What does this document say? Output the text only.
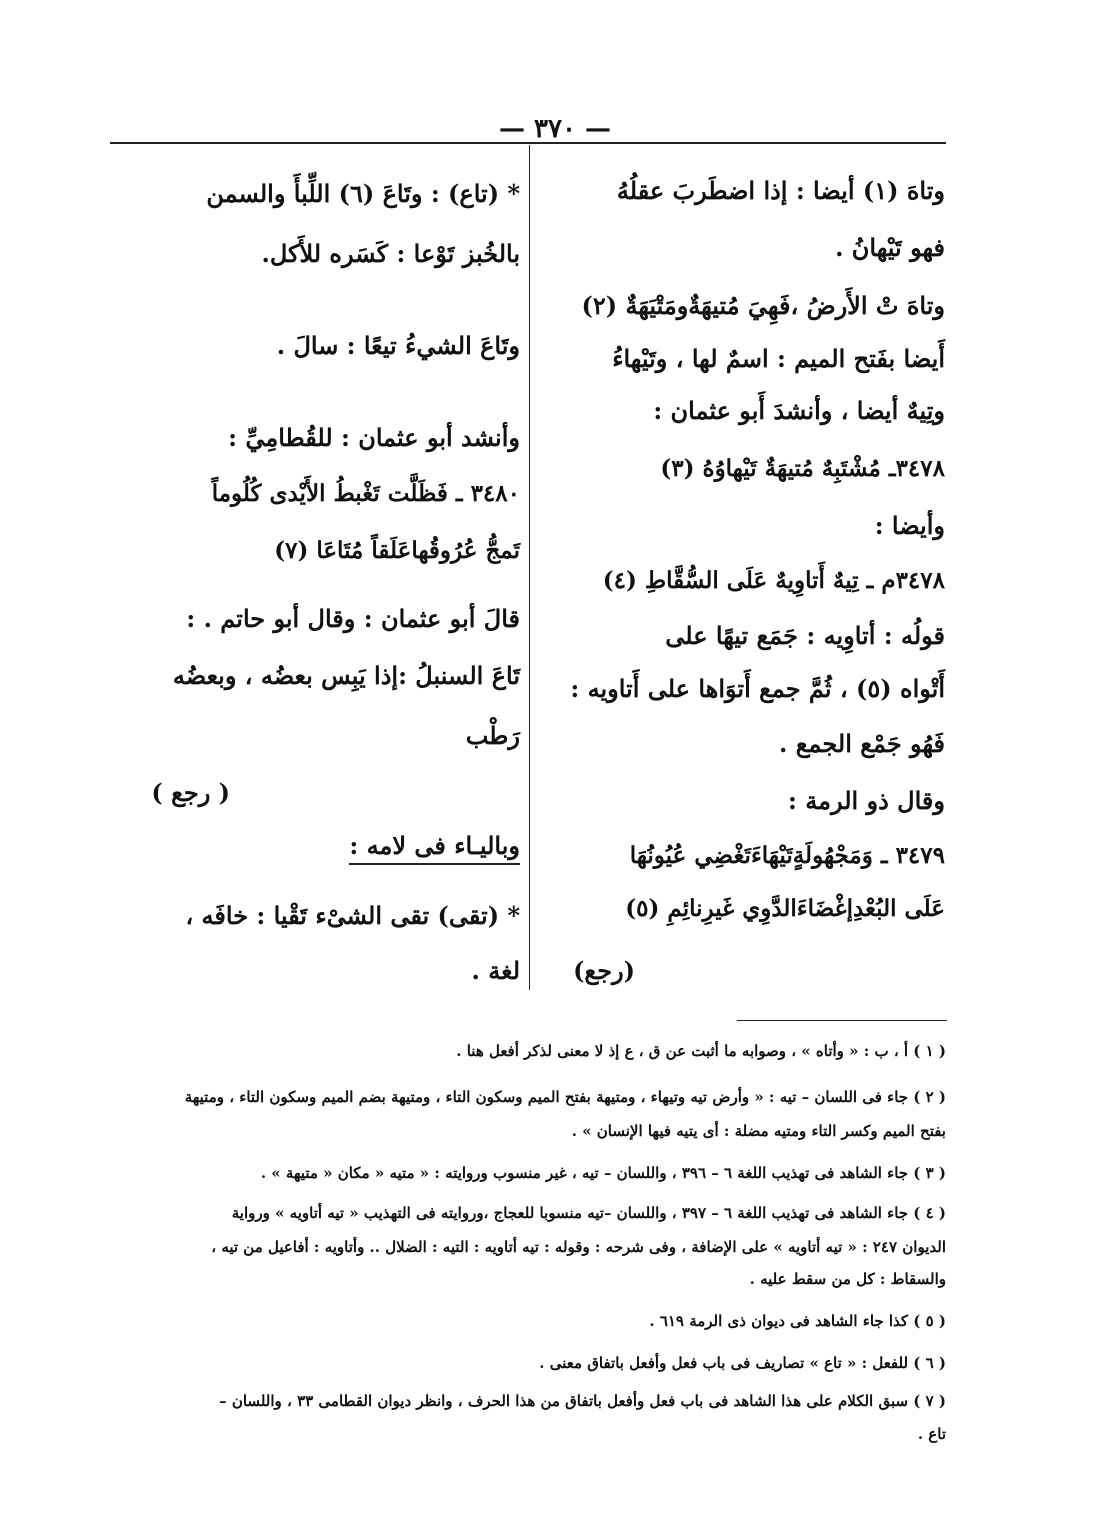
— ٣٧٠ —
وتاهَ (١) أيضا : إذا اضطَربَ عقلُهُ
فهو تَيْهانُ .
وتاهَ تْ الأَرضُ ،فَهِيَ مُتيهَةٌومَتْيَهَةٌ (٢)
أَيضا بفَتح الميم : اسمٌ لها ، وتَيْهاءُ
وتِيهٌ أيضا ، وأنشدَ أَبو عثمان :
٣٤٧٨ـ مُشْتَبِهٌ مُتيهَةٌ تَيْهاوُهُ (٣)
وأيضا :
٣٤٧٨م ـ تِيهٌ أَتاوِيهٌ عَلَى السُّقَّاطِ (٤)
قولُه : أتاوِيه : جَمَع تيهًا على
أَتْواه (٥) ، ثُمَّ جمع أَتوَاها على أَتاويه :
فَهُو جَمْع الجمع .
وقال ذو الرمة :
٣٤٧٩ ـ وَمَجْهُولَةٍتَيْهَاءَتَغْضِي عُيُونُهَا
عَلَى البُعْدِإغْضَاءَالدَّوِي غَيرِنائِمِ (٥)
(رجع)
* (تاع) : وتَاعَ (٦) اللِّبأَ والسمن
بالخُبز تَوْعا : كَسَره للأَكل.
وتَاعَ الشيءُ تيعًا : سالَ .
وأنشد أبو عثمان : للقُطامِيِّ :
٣٤٨٠ ـ فَظَلَّت تَغْبطُ الأَيْدى كُلُوماً
تَمجُّ عُرُوقُهاعَلَقاً مُتَاعَا (٧)
قالَ أبو عثمان : وقال أبو حاتم . :
تَاعَ السنبلُ :إذا يَبِس بعضُه ، وبعضُه
رَطْب
( رجع )
وباليـاء فى لامه :
* (تقى) تقى الشىْء تَقْيا : خافَه ،
لغة .
( ١ ) أ ، ب : « وأتاه » ، وصوابه ما أثبت عن ق ، ع إذ لا معنى لذكر أفعل هنا .
( ٢ ) جاء فى اللسان – تيه : « وأرض تيه وتيهاء ، ومتيهة بفتح الميم وسكون التاء ، ومتيهة بضم الميم وسكون التاء ، ومتيهة
بفتح الميم وكسر التاء ومتيه مضلة : أى يتيه فيها الإنسان » .
( ٣ ) جاء الشاهد فى تهذيب اللغة ٦ – ٣٩٦ ، واللسان – تيه ، غير منسوب وروايته : « متيه « مكان « متيهة » .
( ٤ ) جاء الشاهد فى تهذيب اللغة ٦ – ٣٩٧ ، واللسان –تيه منسوبا للعجاج ،وروايته فى التهذيب « تيه أتاويه » ورواية
الديوان ٢٤٧ : « تيه أتاويه » على الإضافة ، وفى شرحه : وقوله : تيه أتاويه : التيه : الضلال .. وأتاويه : أفاعيل من تيه ،
والسقاط : كل من سقط عليه .
( ٥ ) كذا جاء الشاهد فى ديوان ذى الرمة ٦١٩ .
( ٦ ) للفعل : « تاع » تصاريف فى باب فعل وأفعل باتفاق معنى .
( ٧ ) سبق الكلام على هذا الشاهد فى باب فعل وأفعل باتفاق من هذا الحرف ، وانظر ديوان القطامى ٣٣ ، واللسان –
تاع .
